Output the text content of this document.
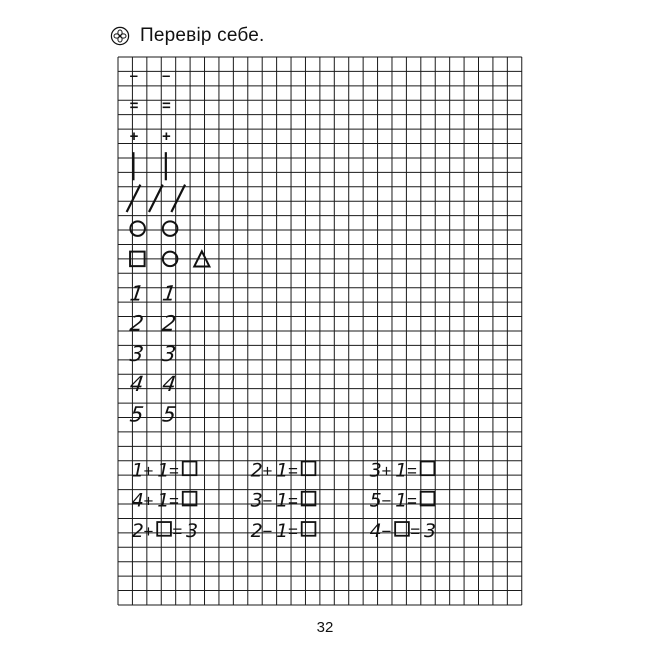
Перевір себе.
– –
= =
+ +
1 1
2 2
3 3
4 4
5 5
1 + 1 =	2 + 1 =	3 + 1 =
4 + 1 =	3 − 1 =	5 − 1 =
2 + = 3	2 − 1 =	4 − = 3
32
